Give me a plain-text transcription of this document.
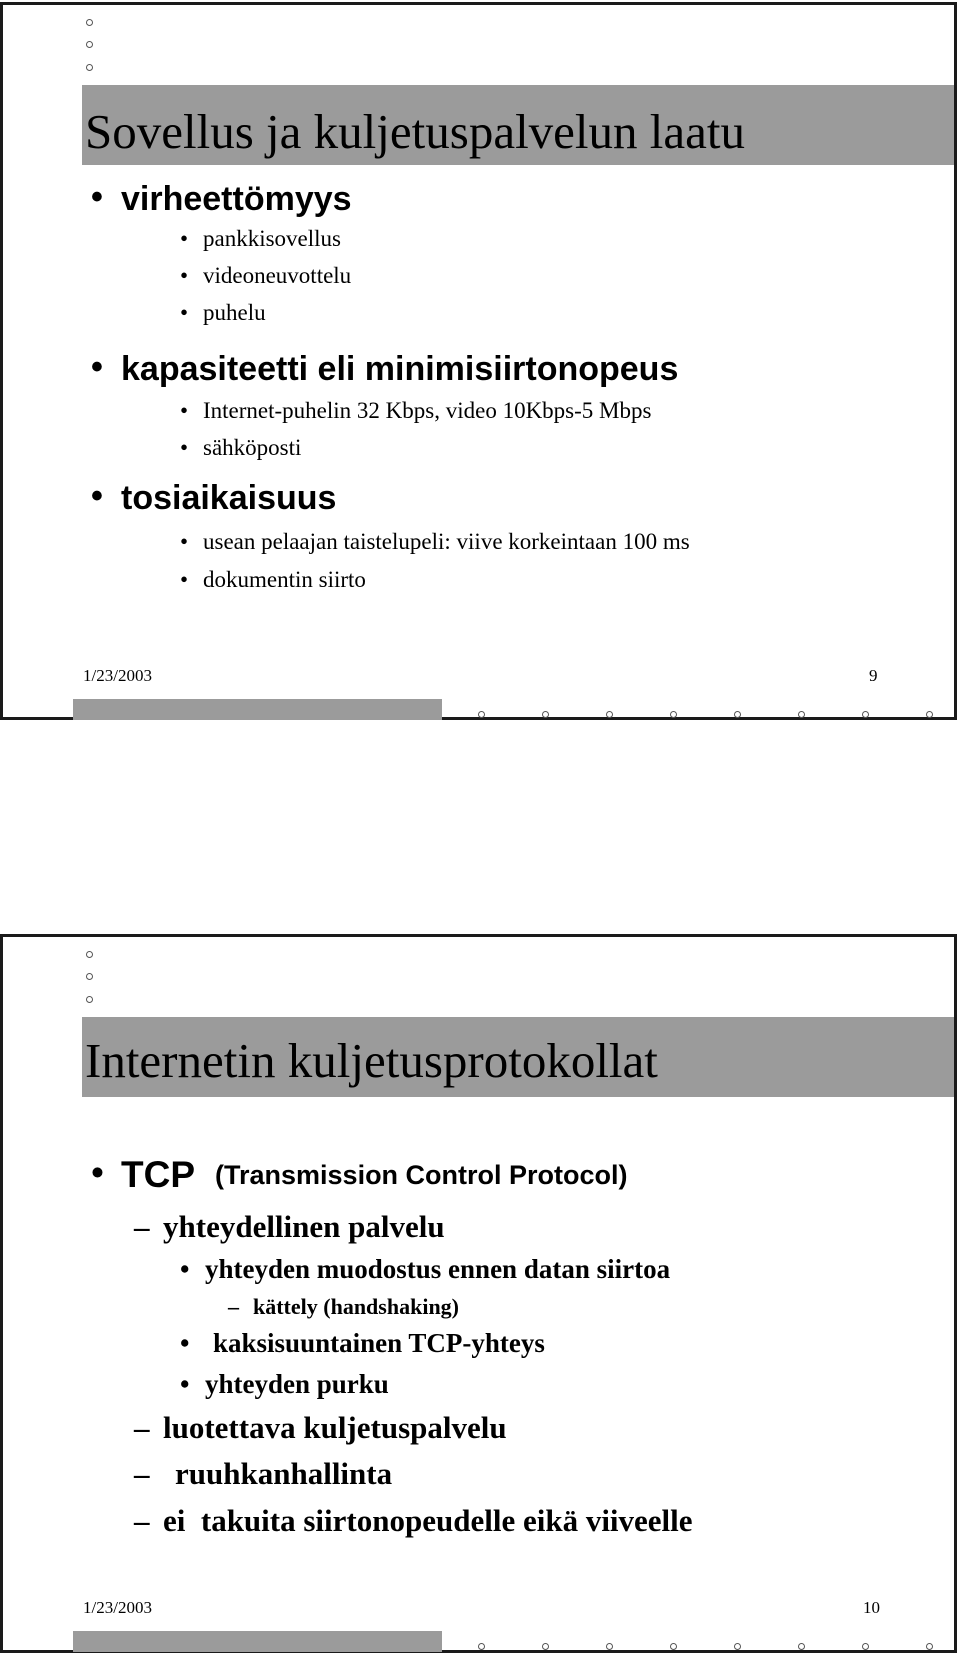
Sovellus ja kuljetuspalvelun laatu
• virheettömyys
• pankkisovellus
• videoneuvottelu
• puhelu
• kapasiteetti eli minimisiirtonopeus
• Internet-puhelin 32 Kbps, video 10Kbps-5 Mbps
• sähköposti
• tosiaikaisuus
• usean pelaajan taistelupeli: viive korkeintaan 100 ms
• dokumentin siirto
1/23/2003	9
Internetin kuljetusprotokollat
• TCP (Transmission Control Protocol)
– yhteydellinen palvelu
• yhteyden muodostus ennen datan siirtoa
– kättely (handshaking)
• kaksisuuntainen TCP-yhteys
• yhteyden purku
– luotettava kuljetuspalvelu
– ruuhkanhallinta
– ei  takuita siirtonopeudelle eikä viiveelle
1/23/2003	10
